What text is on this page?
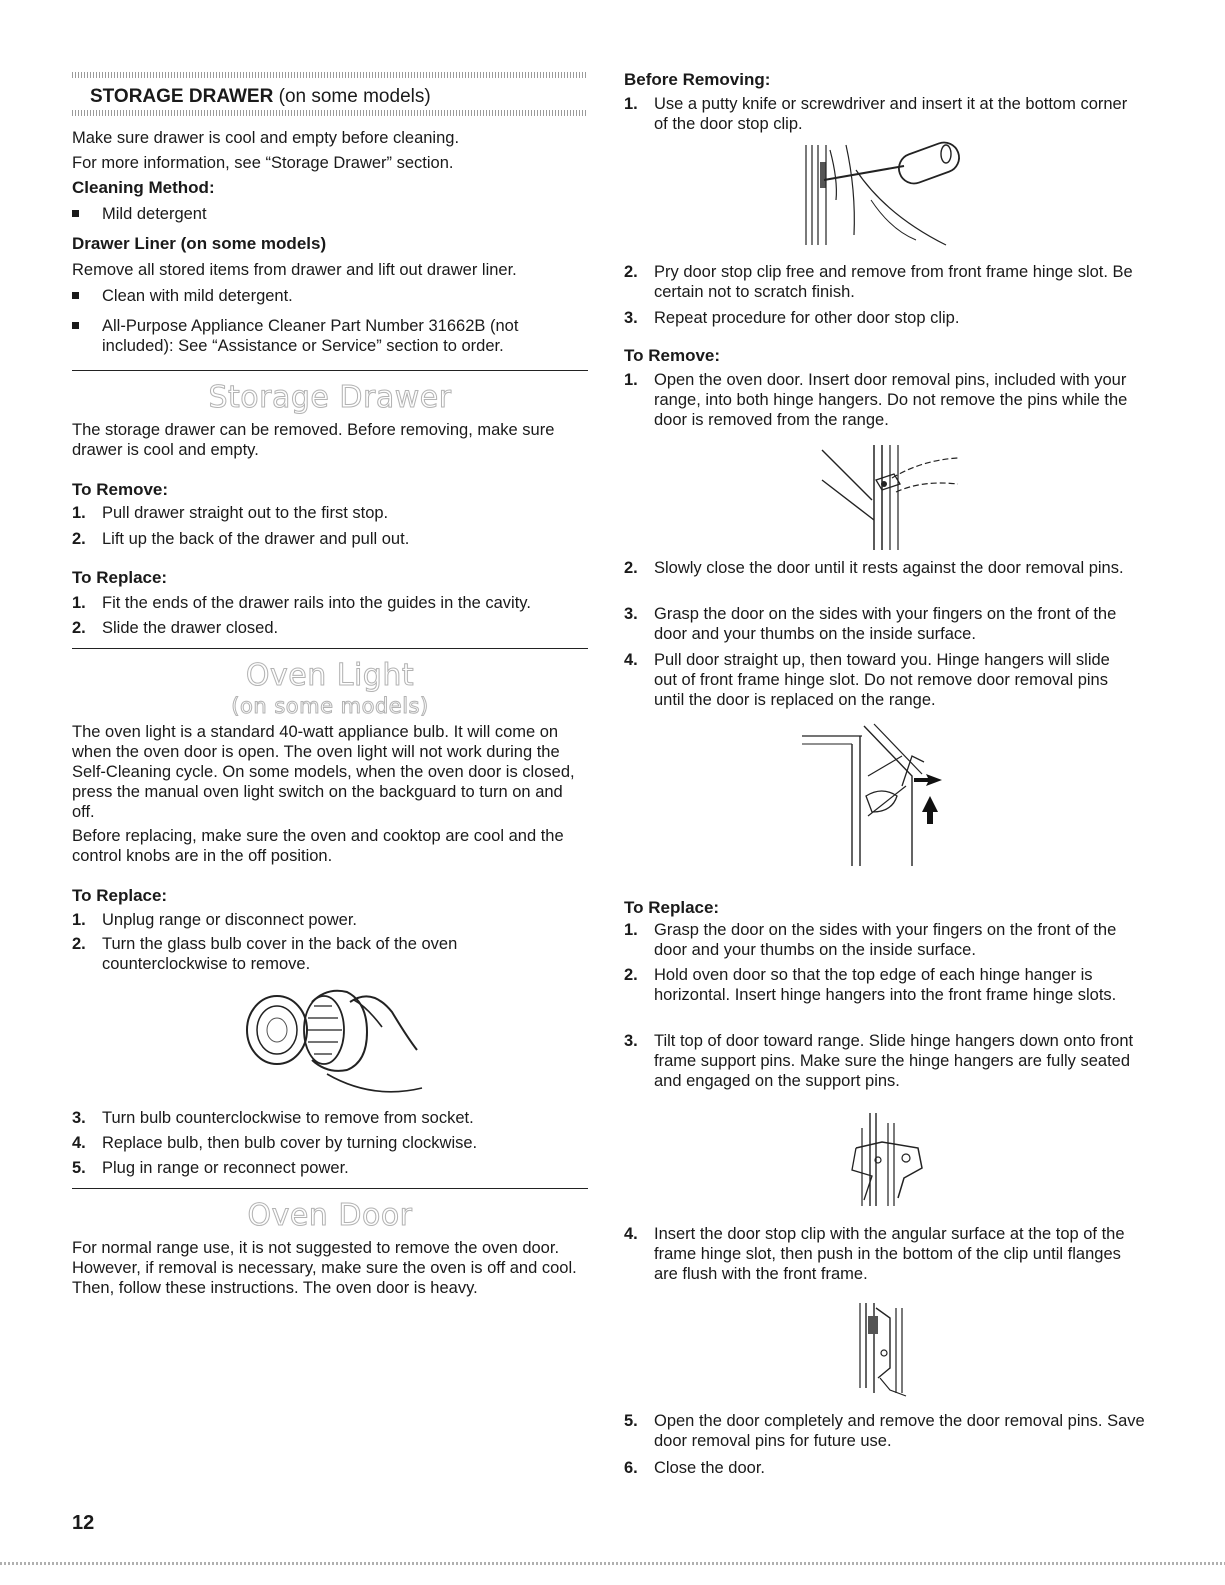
STORAGE DRAWER (on some models)

Make sure drawer is cool and empty before cleaning.

For more information, see “Storage Drawer” section.

Cleaning Method:

Mild detergent

Drawer Liner (on some models)

Remove all stored items from drawer and lift out drawer liner.

Clean with mild detergent.

All-Purpose Appliance Cleaner Part Number 31662B (not included): See “Assistance or Service” section to order.

Storage Drawer

The storage drawer can be removed. Before removing, make sure drawer is cool and empty.

To Remove:

1. Pull drawer straight out to the first stop.
2. Lift up the back of the drawer and pull out.

To Replace:

1. Fit the ends of the drawer rails into the guides in the cavity.
2. Slide the drawer closed.
Oven Light
(on some models)

The oven light is a standard 40-watt appliance bulb. It will come on when the oven door is open. The oven light will not work during the Self-Cleaning cycle. On some models, when the oven door is closed, press the manual oven light switch on the backguard to turn on and off.

Before replacing, make sure the oven and cooktop are cool and the control knobs are in the off position.

To Replace:

1. Unplug range or disconnect power.
2. Turn the glass bulb cover in the back of the oven counterclockwise to remove.
3. Turn bulb counterclockwise to remove from socket.
4. Replace bulb, then bulb cover by turning clockwise.
5. Plug in range or reconnect power.
Oven Door

For normal range use, it is not suggested to remove the oven door. However, if removal is necessary, make sure the oven is off and cool. Then, follow these instructions. The oven door is heavy.

12

Before Removing:

1. Use a putty knife or screwdriver and insert it at the bottom corner of the door stop clip.
2. Pry door stop clip free and remove from front frame hinge slot. Be certain not to scratch finish.
3. Repeat procedure for other door stop clip.

To Remove:

1. Open the oven door. Insert door removal pins, included with your range, into both hinge hangers. Do not remove the pins while the door is removed from the range.
2. Slowly close the door until it rests against the door removal pins.
3. Grasp the door on the sides with your fingers on the front of the door and your thumbs on the inside surface.
4. Pull door straight up, then toward you. Hinge hangers will slide out of front frame hinge slot. Do not remove door removal pins until the door is replaced on the range.

To Replace:

1. Grasp the door on the sides with your fingers on the front of the door and your thumbs on the inside surface.
2. Hold oven door so that the top edge of each hinge hanger is horizontal. Insert hinge hangers into the front frame hinge slots.
3. Tilt top of door toward range. Slide hinge hangers down onto front frame support pins. Make sure the hinge hangers are fully seated and engaged on the support pins.
4. Insert the door stop clip with the angular surface at the top of the frame hinge slot, then push in the bottom of the clip until flanges are flush with the front frame.
5. Open the door completely and remove the door removal pins. Save door removal pins for future use.
6. Close the door.
